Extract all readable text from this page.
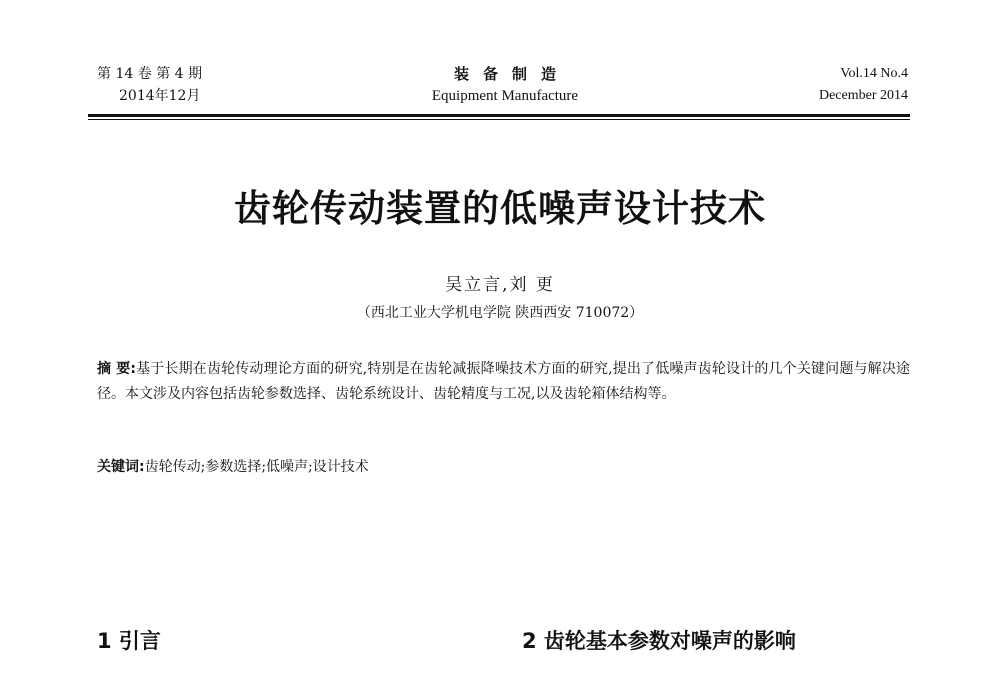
第 14 卷 第 4 期
2014年12月
装备制造
Equipment Manufacture
Vol.14 No.4
December 2014
齿轮传动装置的低噪声设计技术
吴立言,刘 更
（西北工业大学机电学院 陕西西安 710072）
摘 要:基于长期在齿轮传动理论方面的研究,特别是在齿轮减振降噪技术方面的研究,提出了低噪声齿轮设计的几个关键问题与解决途径。本文涉及内容包括齿轮参数选择、齿轮系统设计、齿轮精度与工况,以及齿轮箱体结构等。
关键词:齿轮传动;参数选择;低噪声;设计技术
1 引言	2 齿轮基本参数对噪声的影响
